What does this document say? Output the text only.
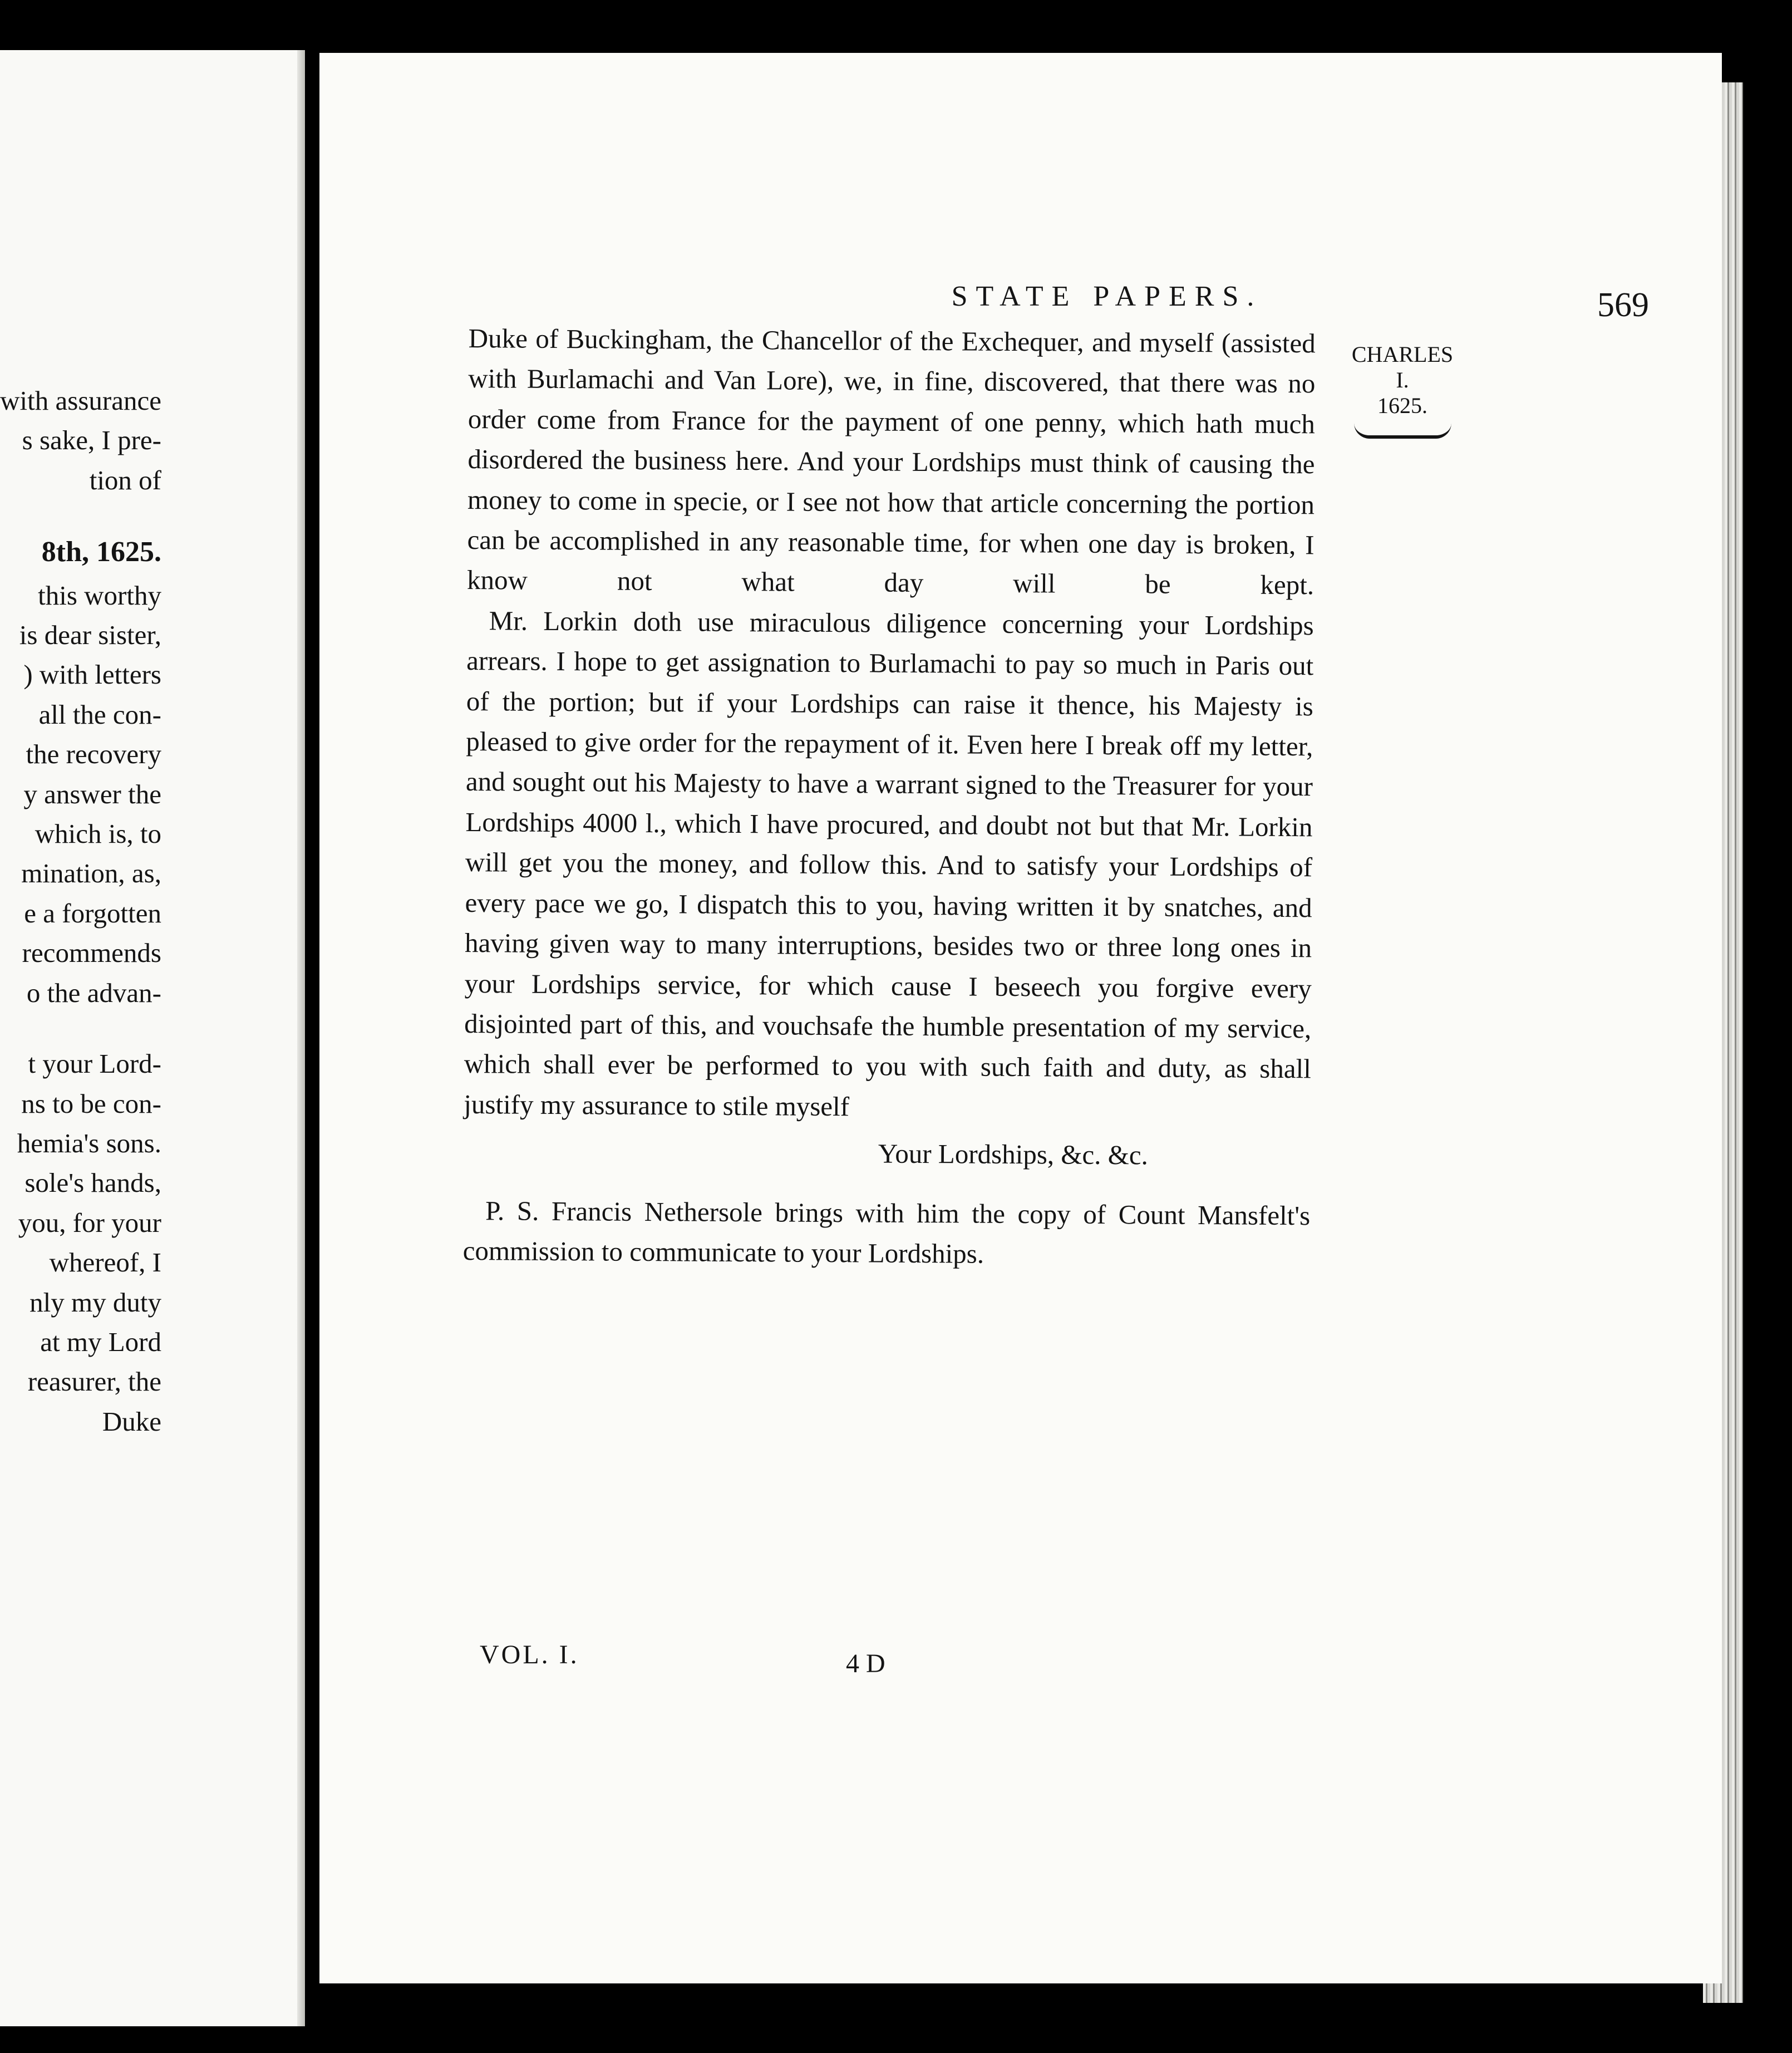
with assurance
s sake, I pre-
tion of
8th, 1625.
this worthy
is dear sister,
) with letters
all the con-
the recovery
y answer the
which is, to
mination, as,
e a forgotten
recommends
o the advan-
t your Lord-
ns to be con-
hemia's sons.
sole's hands,
you, for your
whereof, I
nly my duty
at my Lord
reasurer, the
Duke
STATE PAPERS.	569
CHARLES
I.
1625.

Duke of Buckingham, the Chancellor of the Exchequer, and myself (assisted with Burlamachi and Van Lore), we, in fine, discovered, that there was no order come from France for the payment of one penny, which hath much disordered the business here. And your Lordships must think of causing the money to come in specie, or I see not how that article concerning the portion can be accomplished in any reasonable time, for when one day is broken, I know not what day will be kept.

Mr. Lorkin doth use miraculous diligence concerning your Lordships arrears. I hope to get assignation to Burlamachi to pay so much in Paris out of the portion; but if your Lordships can raise it thence, his Majesty is pleased to give order for the repayment of it. Even here I break off my letter, and sought out his Majesty to have a warrant signed to the Treasurer for your Lordships 4000 l., which I have procured, and doubt not but that Mr. Lorkin will get you the money, and follow this. And to satisfy your Lordships of every pace we go, I dispatch this to you, having written it by snatches, and having given way to many interruptions, besides two or three long ones in your Lordships service, for which cause I beseech you forgive every disjointed part of this, and vouchsafe the humble presentation of my service, which shall ever be performed to you with such faith and duty, as shall justify my assurance to stile myself

Your Lordships, &c. &c.

P. S. Francis Nethersole brings with him the copy of Count Mansfelt's commission to communicate to your Lordships.

VOL. I.	4 D
